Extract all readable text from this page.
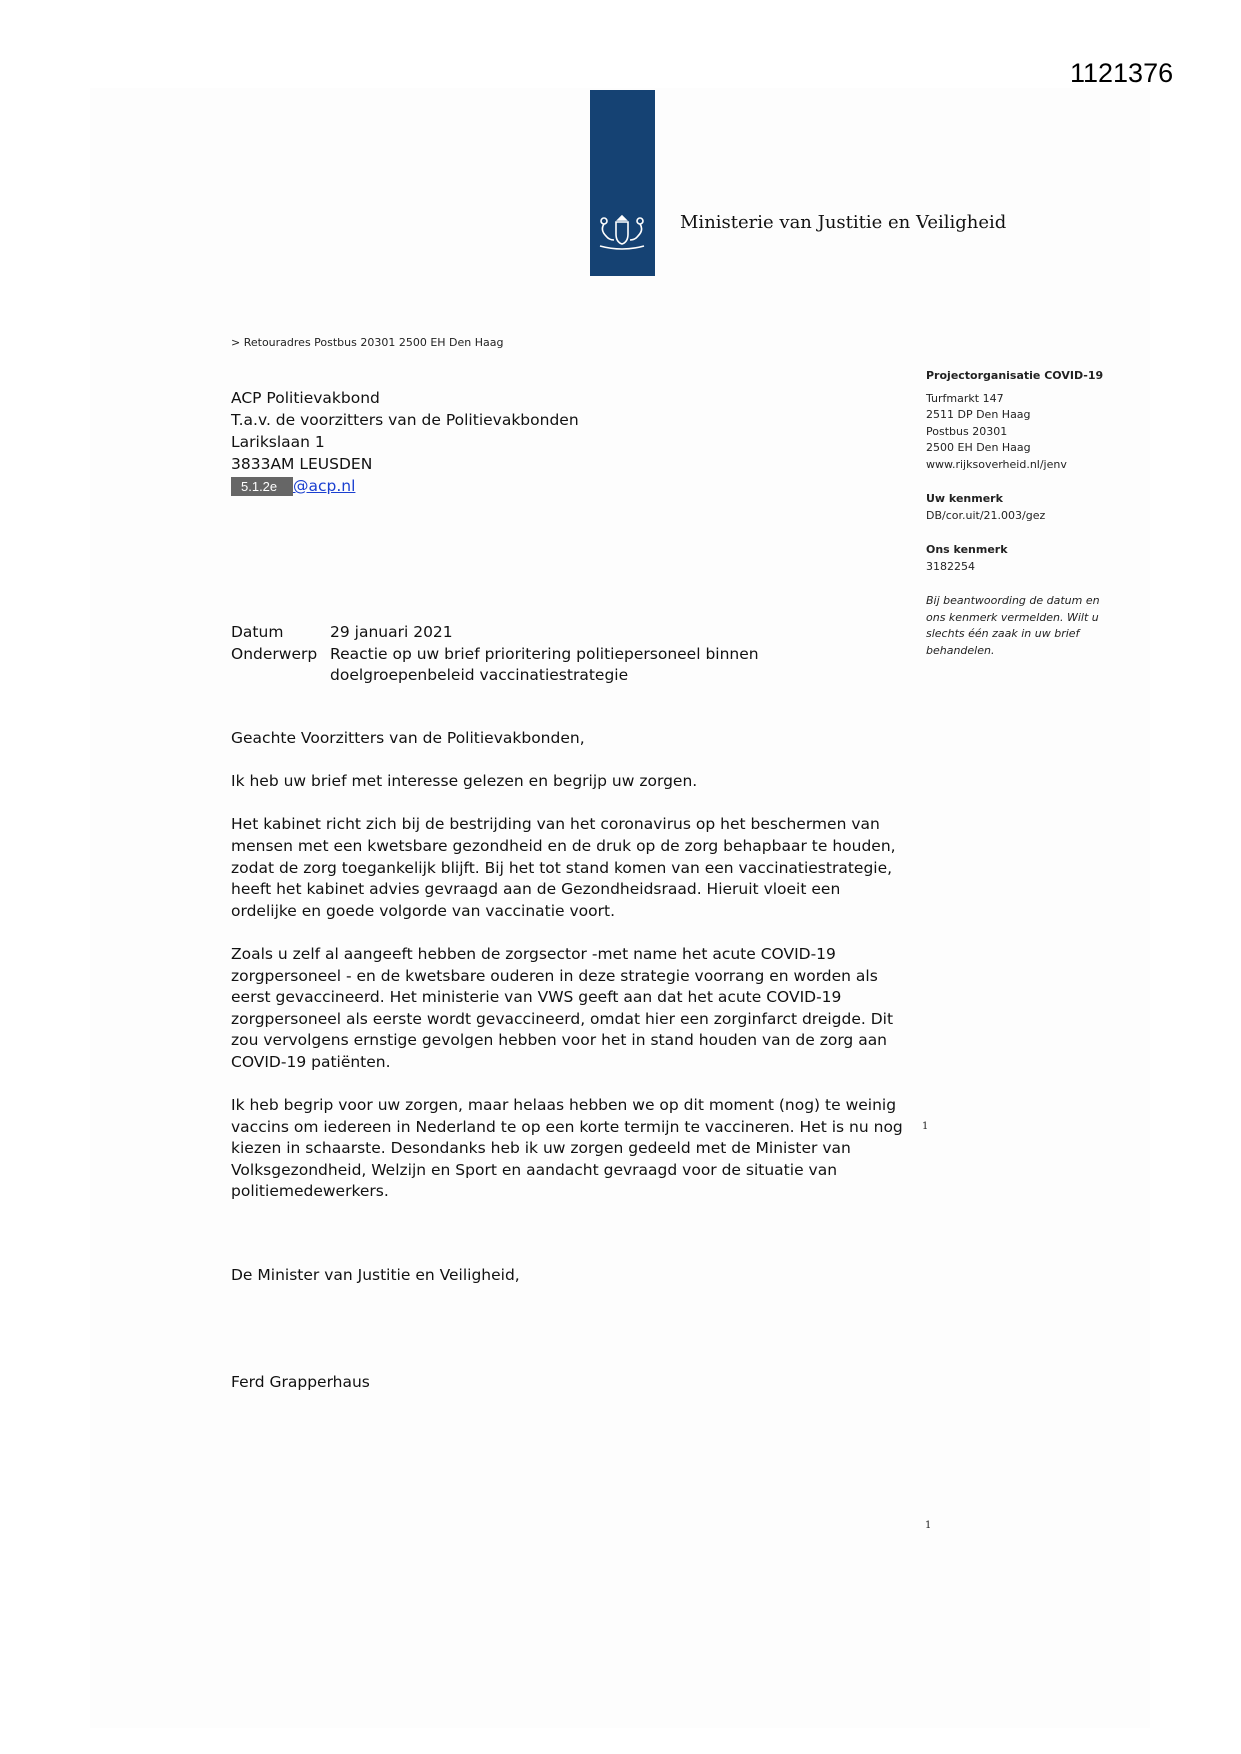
1121376
Ministerie van Justitie en Veiligheid
> Retouradres Postbus 20301 2500 EH Den Haag
ACP Politievakbond
T.a.v. de voorzitters van de Politievakbonden
Larikslaan 1
3833AM LEUSDEN
5.1.2e @acp.nl
Projectorganisatie COVID-19
Turfmarkt 147
2511 DP Den Haag
Postbus 20301
2500 EH Den Haag
www.rijksoverheid.nl/jenv
Uw kenmerk
DB/cor.uit/21.003/gez
Ons kenmerk
3182254
Bij beantwoording de datum en ons kenmerk vermelden. Wilt u slechts één zaak in uw brief behandelen.
Datum	29 januari 2021
Onderwerp Reactie op uw brief prioritering politiepersoneel binnen doelgroepenbeleid vaccinatiestrategie

Geachte Voorzitters van de Politievakbonden,

Ik heb uw brief met interesse gelezen en begrijp uw zorgen.

Het kabinet richt zich bij de bestrijding van het coronavirus op het beschermen van mensen met een kwetsbare gezondheid en de druk op de zorg behapbaar te houden, zodat de zorg toegankelijk blijft. Bij het tot stand komen van een vaccinatiestrategie, heeft het kabinet advies gevraagd aan de Gezondheidsraad. Hieruit vloeit een ordelijke en goede volgorde van vaccinatie voort.

Zoals u zelf al aangeeft hebben de zorgsector -met name het acute COVID-19 zorgpersoneel - en de kwetsbare ouderen in deze strategie voorrang en worden als eerst gevaccineerd. Het ministerie van VWS geeft aan dat het acute COVID-19 zorgpersoneel als eerste wordt gevaccineerd, omdat hier een zorginfarct dreigde. Dit zou vervolgens ernstige gevolgen hebben voor het in stand houden van de zorg aan COVID-19 patiënten.

Ik heb begrip voor uw zorgen, maar helaas hebben we op dit moment (nog) te weinig vaccins om iedereen in Nederland te op een korte termijn te vaccineren. Het is nu nog kiezen in schaarste. Desondanks heb ik uw zorgen gedeeld met de Minister van Volksgezondheid, Welzijn en Sport en aandacht gevraagd voor de situatie van politiemedewerkers.

1
De Minister van Justitie en Veiligheid,
Ferd Grapperhaus
1
